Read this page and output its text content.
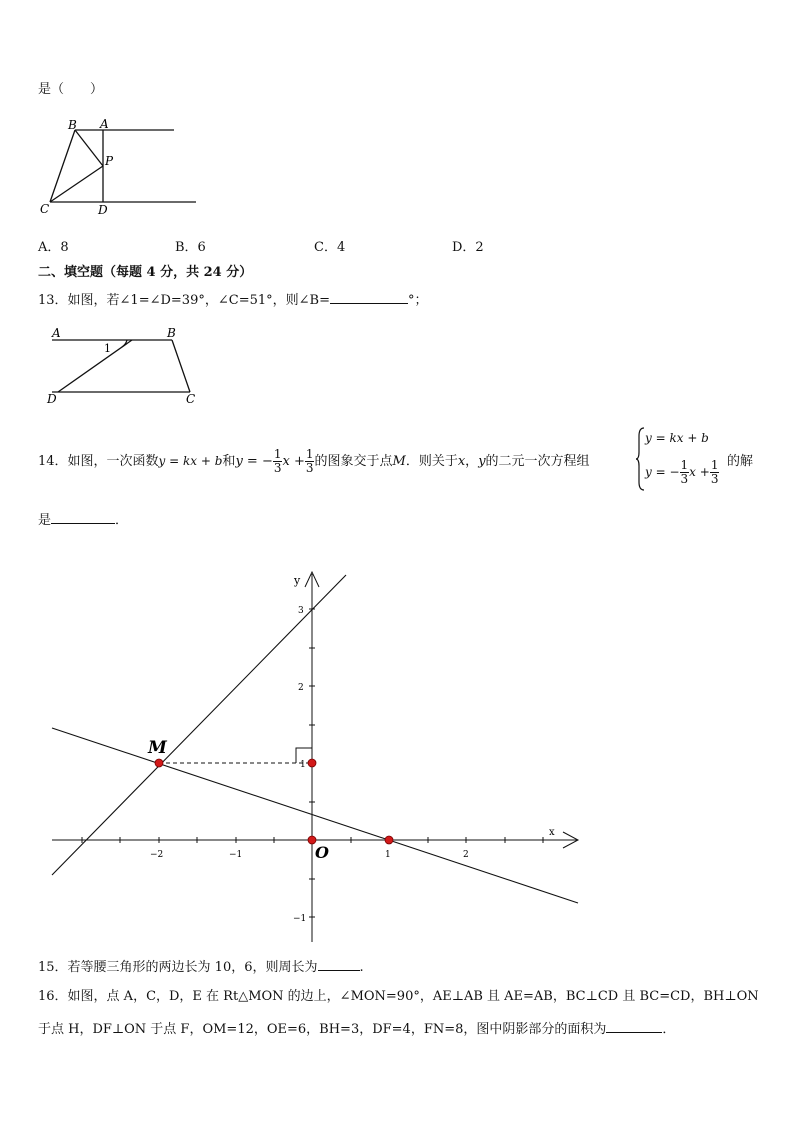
是（　　）
B A
P
C	D
A．8	B．6	C．4	D．2
二、填空题（每题 4 分，共 24 分）
13．如图，若∠1=∠D=39°，∠C=51°，则∠B=	°；
A	B
C
D
1
14．如图，一次函数y = kx + b和y = − $\frac{1}{3}$ $x + \frac{1}{3}$ 的图象交于点M．则关于x，y的二元一次方程组
y = kx + b
y = − $\frac{1}{3}$ $x + \frac{1}{3}$ 的解
是	．
M
O
x
y
−2	−1	1	2
3
2
1
−1
15．若等腰三角形的两边长为 10，6，则周长为	.
16．如图，点 A，C，D，E 在 Rt△MON 的边上，∠MON=90°，AE⊥AB 且 AE=AB，BC⊥CD 且 BC=CD，BH⊥ON
于点 H，DF⊥ON 于点 F，OM=12，OE=6，BH=3，DF=4，FN=8，图中阴影部分的面积为	．
